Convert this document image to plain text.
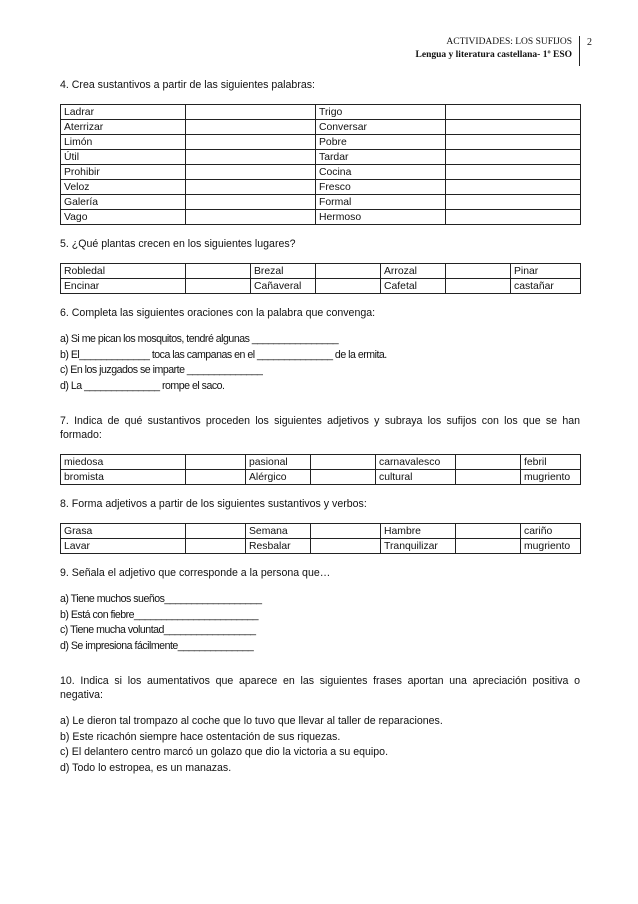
ACTIVIDADES: LOS SUFIJOS
Lengua y literatura castellana- 1º ESO
2
4. Crea sustantivos a partir de las siguientes palabras:
Ladrar		Trigo	
Aterrizar		Conversar	
Limón		Pobre	
Útil		Tardar	
Prohibir		Cocina	
Veloz		Fresco	
Galería		Formal	
Vago		Hermoso	
5. ¿Qué plantas crecen en los siguientes lugares?
Robledal		Brezal		Arrozal		Pinar	
Encinar		Cañaveral		Cafetal		castañar	
6. Completa las siguientes oraciones con la palabra que convenga:
a) Si me pican los mosquitos, tendré algunas ________________
b) El_____________ toca las campanas en el ______________ de la ermita.
c) En los juzgados se imparte ______________
d) La ______________ rompe el saco.
7. Indica de qué sustantivos proceden los siguientes adjetivos y subraya los sufijos con los que se han formado:
miedosa		pasional		carnavalesco		febril	
bromista		Alérgico		cultural		mugriento	
8. Forma adjetivos a partir de los siguientes sustantivos y verbos:
Grasa		Semana		Hambre		cariño	
Lavar		Resbalar		Tranquilizar		mugriento	
9. Señala el adjetivo que corresponde a la persona que…
a) Tiene muchos sueños__________________
b) Está con fiebre_______________________
c) Tiene mucha voluntad_________________
d) Se impresiona fácilmente______________
10. Indica si los aumentativos que aparece en las siguientes frases aportan una apreciación positiva o negativa:
a) Le dieron tal trompazo al coche que lo tuvo que llevar al taller de reparaciones.
b) Este ricachón siempre hace ostentación de sus riquezas.
c) El delantero centro marcó un golazo que dio la victoria a su equipo.
d) Todo lo estropea, es un manazas.
